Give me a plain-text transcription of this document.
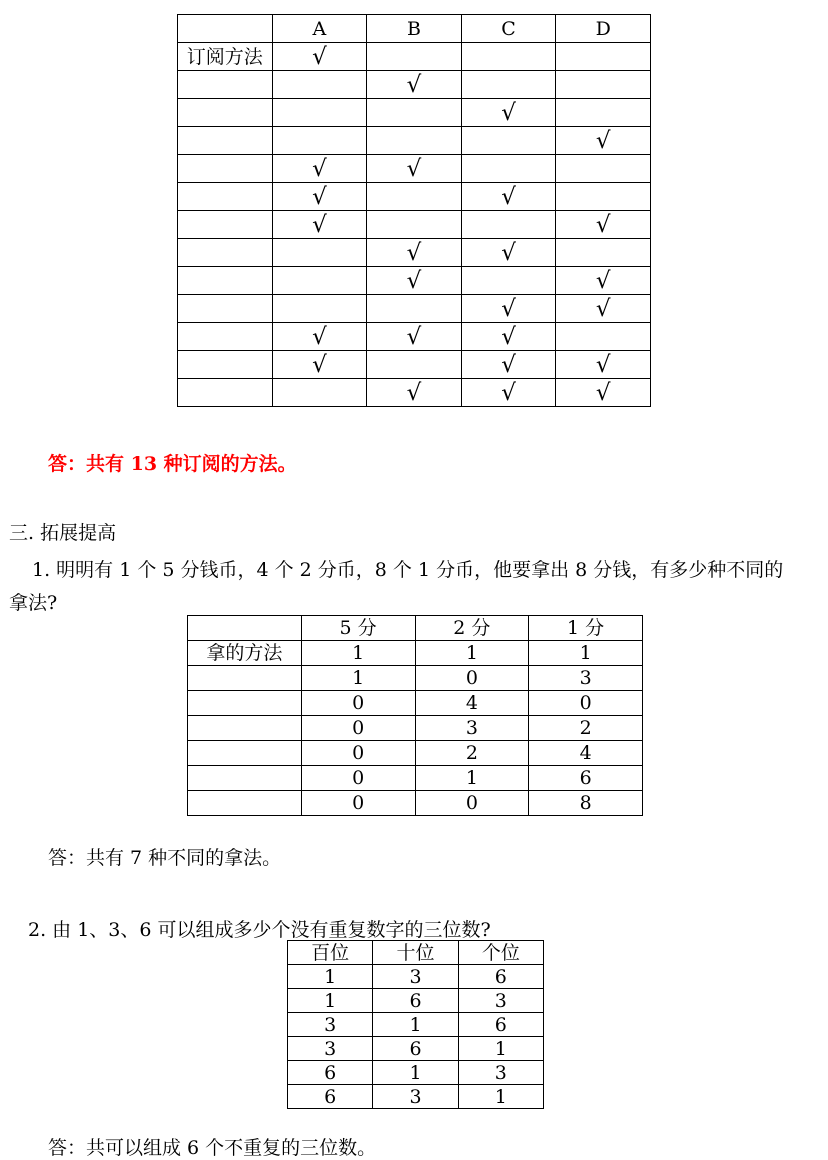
	A	B	C	D
订阅方法	√			
		√		
			√	
				√
	√	√		
	√		√	
	√			√
		√	√	
		√		√
			√	√
	√	√	√	
	√		√	√
		√	√	√
答：共有 13 种订阅的方法。
三. 拓展提高
1. 明明有 1 个 5 分钱币，4 个 2 分币，8 个 1 分币，他要拿出 8 分钱，有多少种不同的
拿法?
	5 分	2 分	1 分
拿的方法	1	1	1
	1	0	3
	0	4	0
	0	3	2
	0	2	4
	0	1	6
	0	0	8
答：共有 7 种不同的拿法。
2. 由 1、3、6 可以组成多少个没有重复数字的三位数?
百位	十位	个位
1	3	6
1	6	3
3	1	6
3	6	1
6	1	3
6	3	1
答：共可以组成 6 个不重复的三位数。
